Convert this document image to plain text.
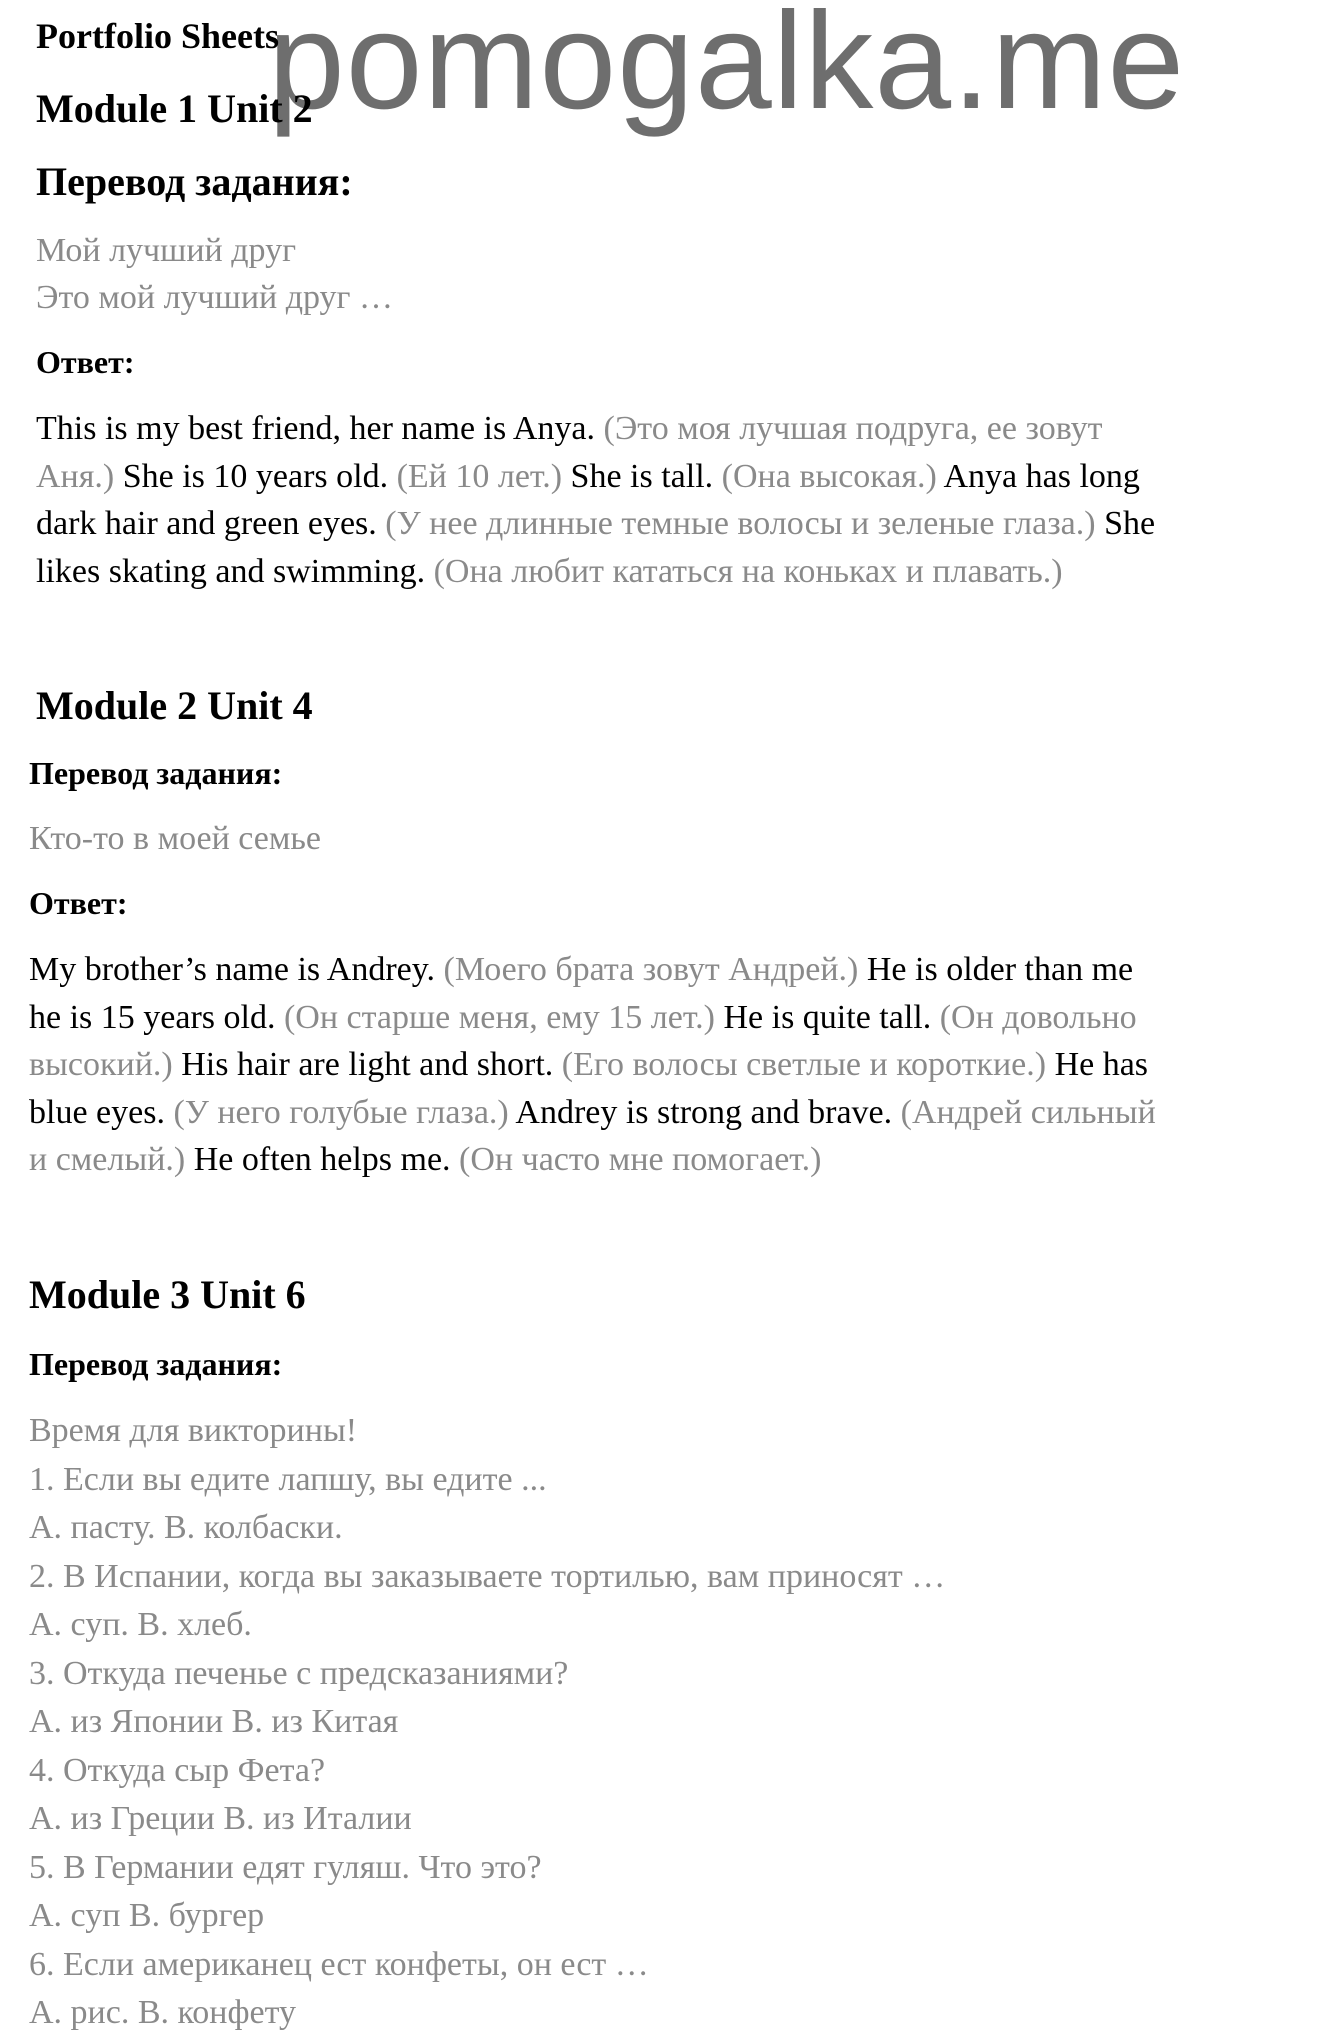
pomogalka.me
Portfolio Sheets
Module 1 Unit 2
Перевод задания:
Мой лучший друг
Это мой лучший друг …
Ответ:
This is my best friend, her name is Anya. (Это моя лучшая подруга, ее зовут
Аня.) She is 10 years old. (Ей 10 лет.) She is tall. (Она высокая.) Anya has long
dark hair and green eyes. (У нее длинные темные волосы и зеленые глаза.) She
likes skating and swimming. (Она любит кататься на коньках и плавать.)
Module 2 Unit 4
Перевод задания:
Кто-то в моей семье
Ответ:
My brother’s name is Andrey. (Моего брата зовут Андрей.) He is older than me
he is 15 years old. (Он старше меня, ему 15 лет.) He is quite tall. (Он довольно
высокий.) His hair are light and short. (Его волосы светлые и короткие.) He has
blue eyes. (У него голубые глаза.) Andrey is strong and brave. (Андрей сильный
и смелый.) He often helps me. (Он часто мне помогает.)
Module 3 Unit 6
Перевод задания:
Время для викторины!
1. Если вы едите лапшу, вы едите ...
A. пасту. B. колбаски.
2. В Испании, когда вы заказываете тортилью, вам приносят …
A. суп. B. хлеб.
3. Откуда печенье с предсказаниями?
A. из Японии B. из Китая
4. Откуда сыр Фета?
A. из Греции B. из Италии
5. В Германии едят гуляш. Что это?
A. суп B. бургер
6. Если американец ест конфеты, он ест …
A. рис. B. конфету
